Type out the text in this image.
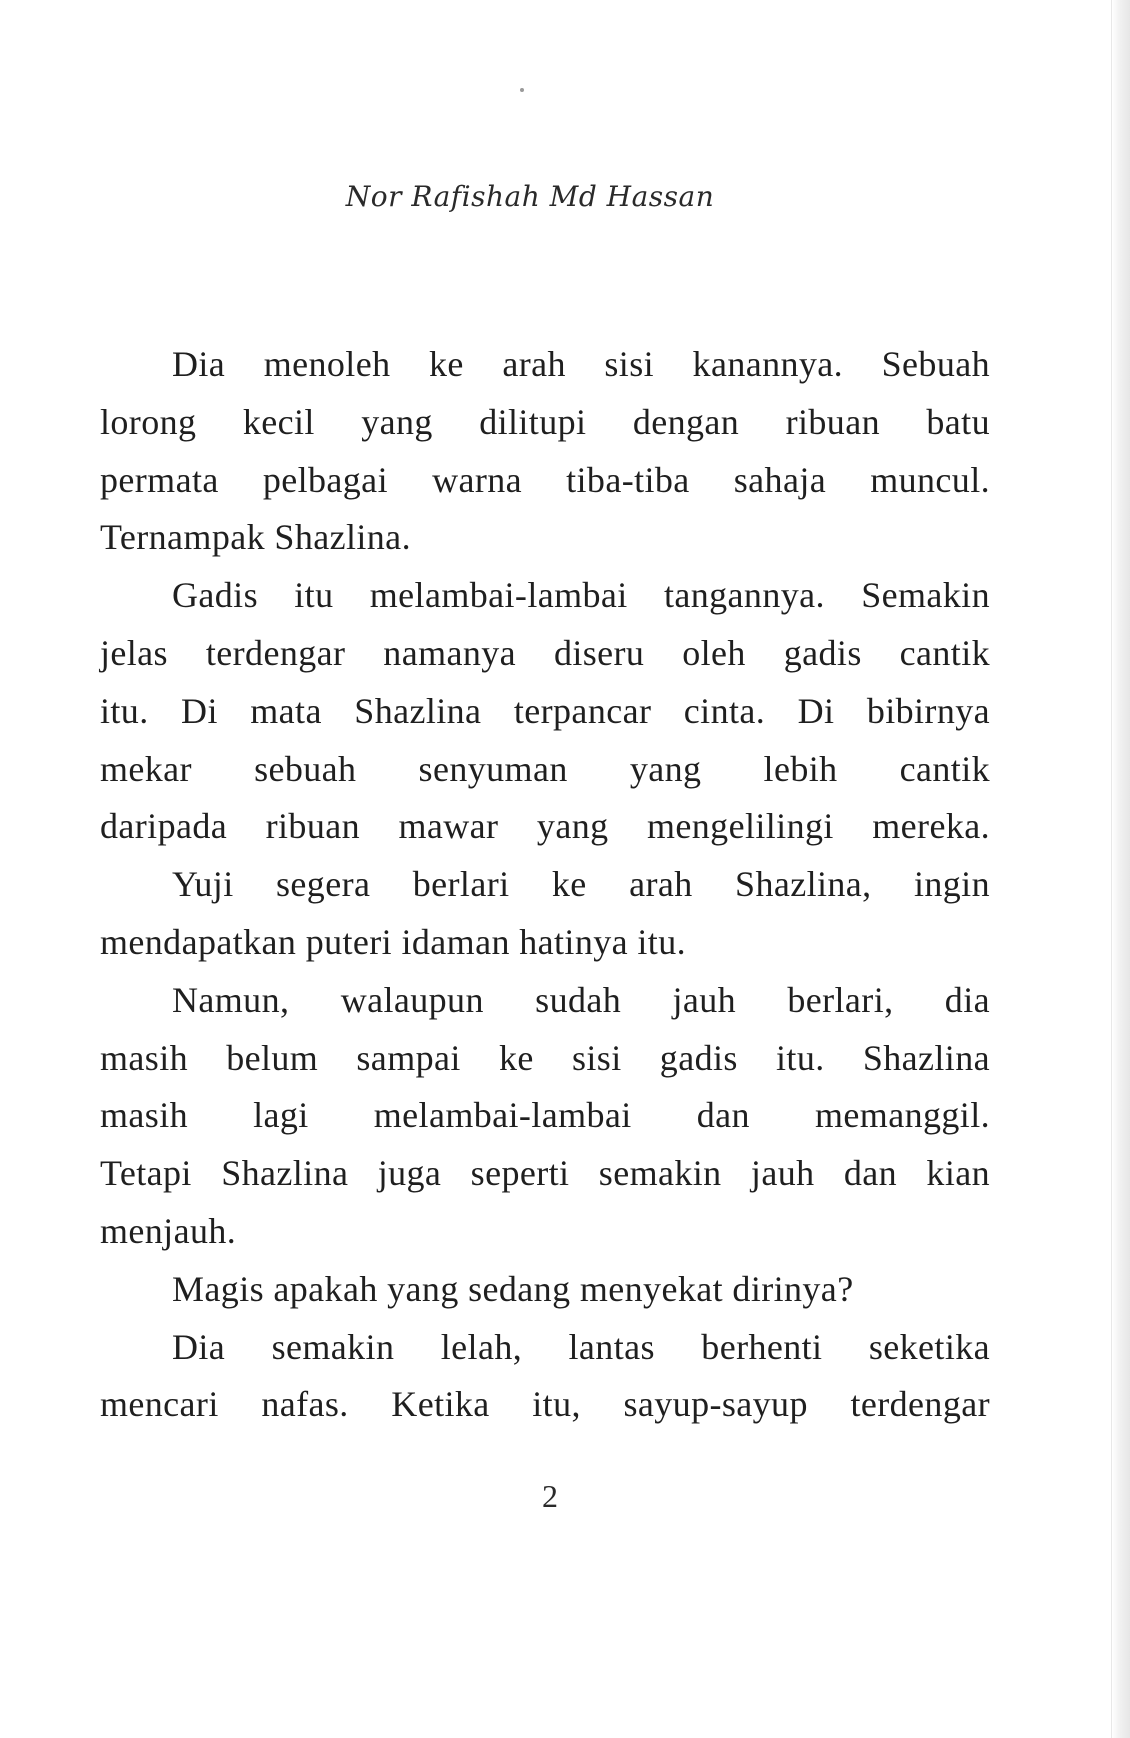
Nor Rafishah Md Hassan
Dia menoleh ke arah sisi kanannya. Sebuah
lorong kecil yang dilitupi dengan ribuan batu
permata pelbagai warna tiba-tiba sahaja muncul.
Ternampak Shazlina.
Gadis itu melambai-lambai tangannya. Semakin
jelas terdengar namanya diseru oleh gadis cantik
itu. Di mata Shazlina terpancar cinta. Di bibirnya
mekar sebuah senyuman yang lebih cantik
daripada ribuan mawar yang mengelilingi mereka.
Yuji segera berlari ke arah Shazlina, ingin
mendapatkan puteri idaman hatinya itu.
Namun, walaupun sudah jauh berlari, dia
masih belum sampai ke sisi gadis itu. Shazlina
masih lagi melambai-lambai dan memanggil.
Tetapi Shazlina juga seperti semakin jauh dan kian
menjauh.
Magis apakah yang sedang menyekat dirinya?
Dia semakin lelah, lantas berhenti seketika
mencari nafas. Ketika itu, sayup-sayup terdengar
2
